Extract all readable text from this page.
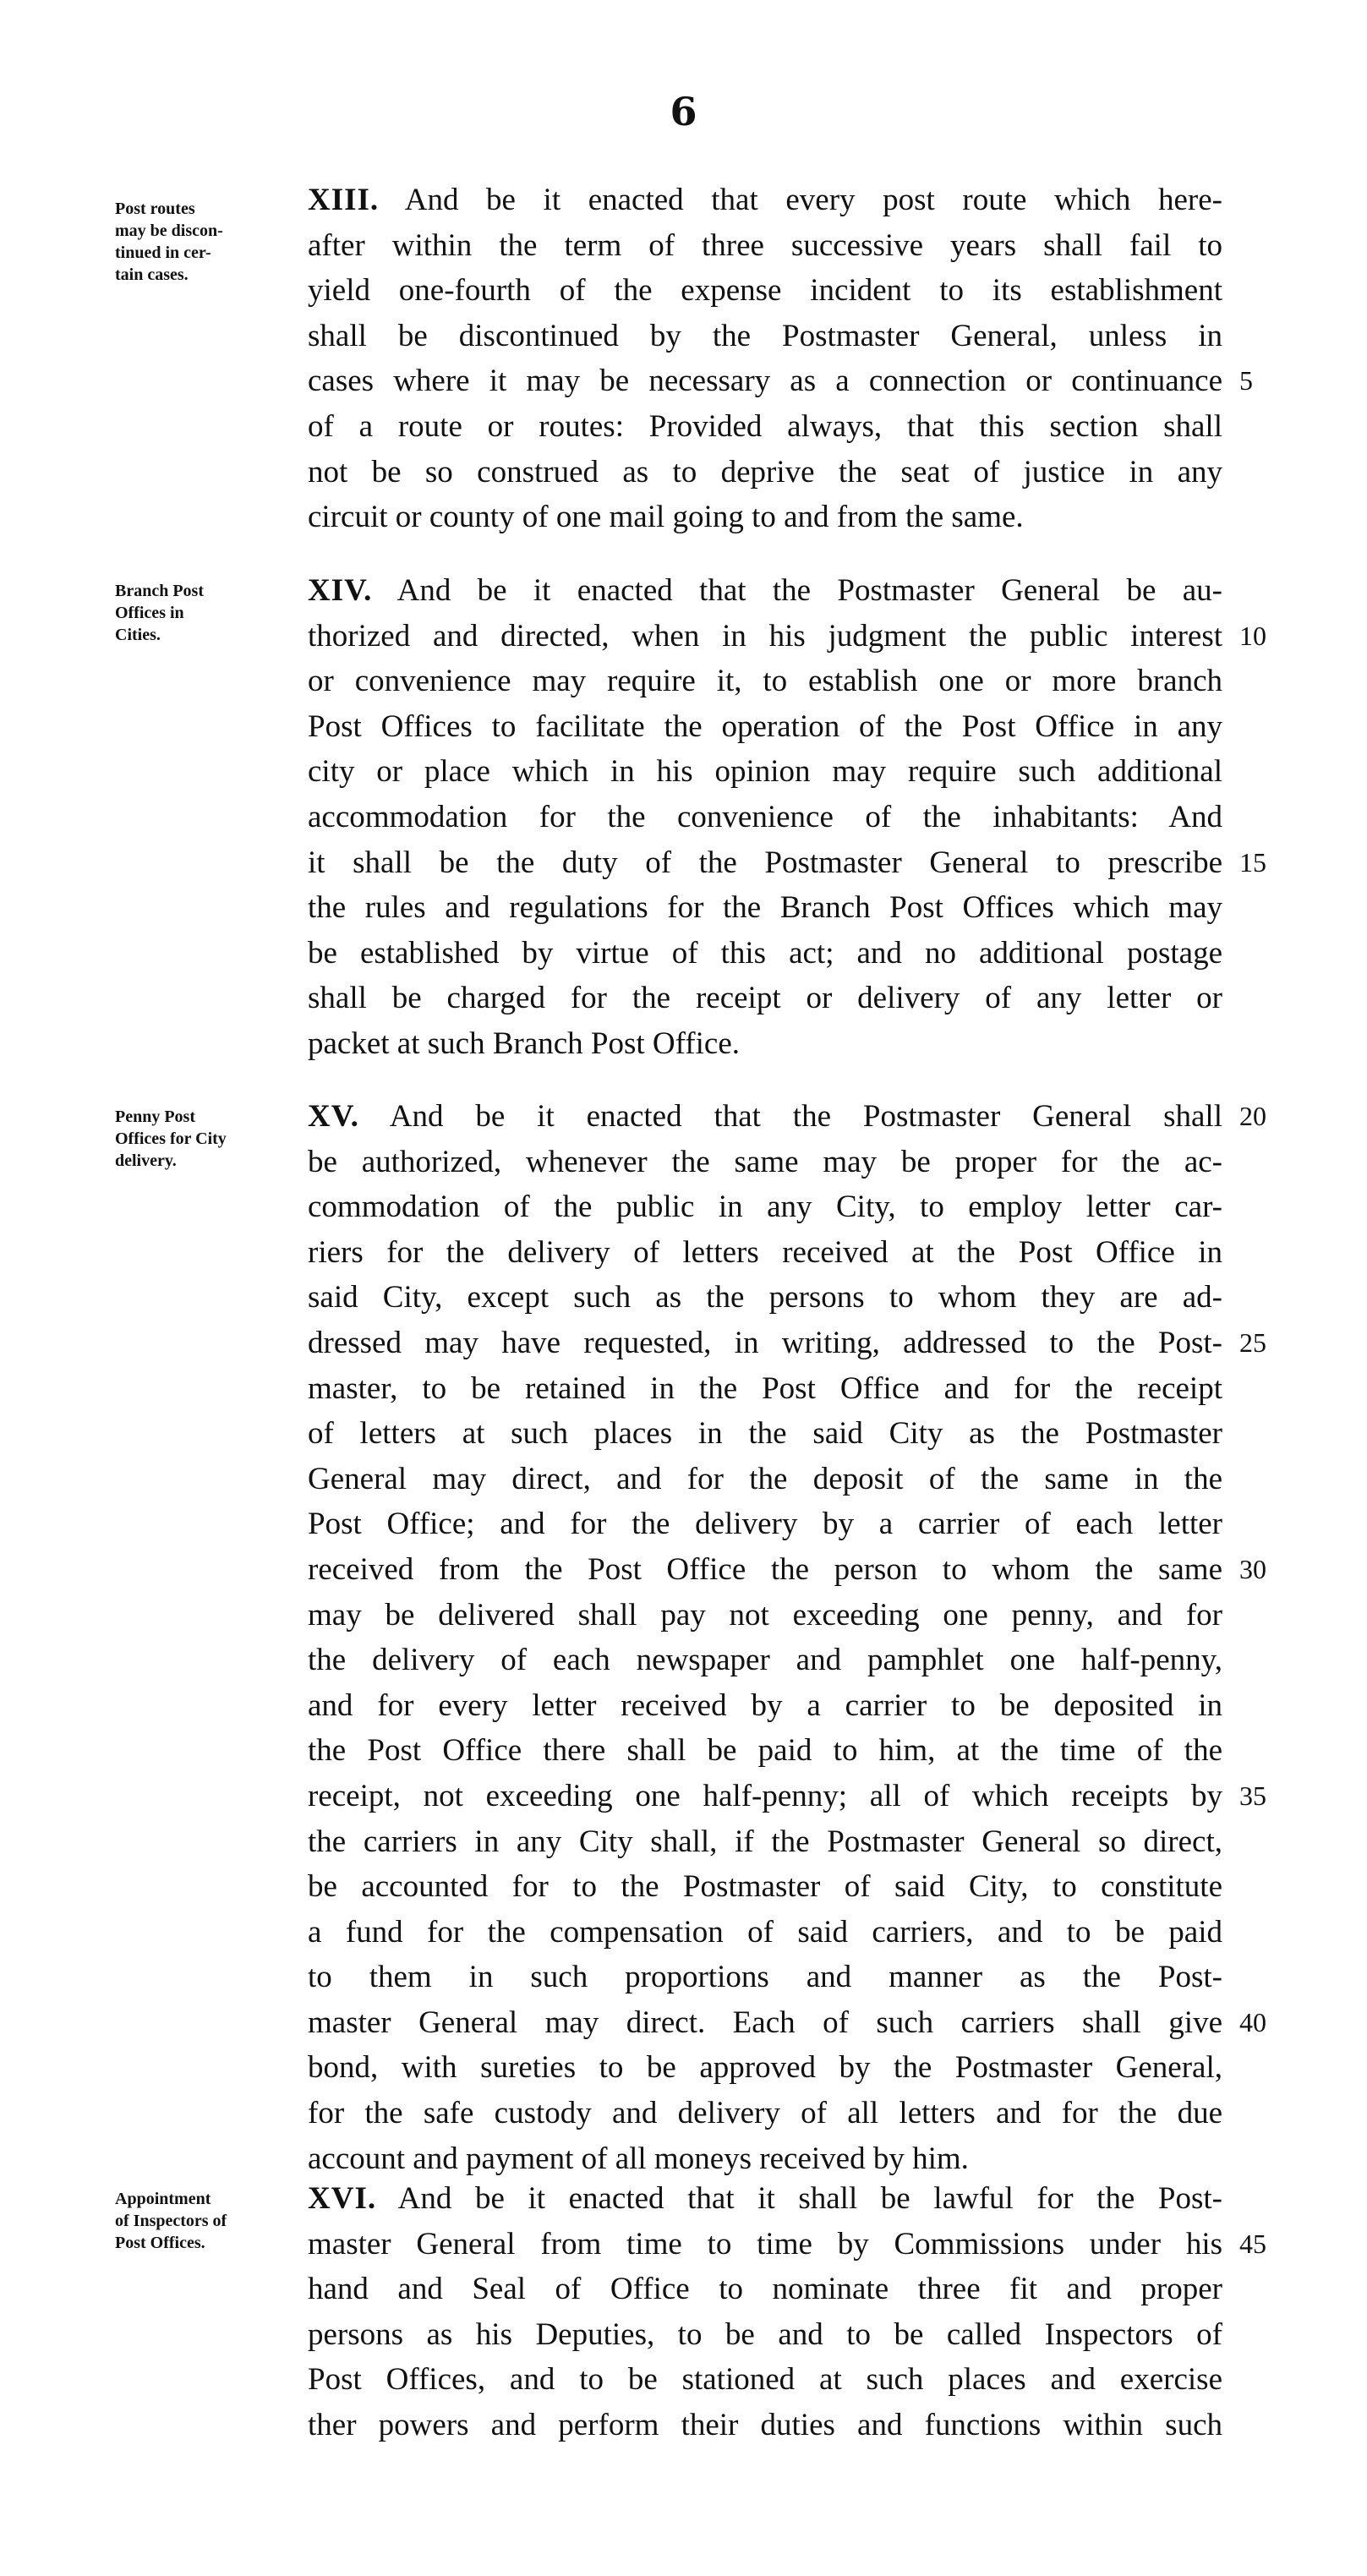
6
Post routes
may be discon-
tinued in cer-
tain cases.
XIII. And be it enacted that every post route which here-
after within the term of three successive years shall fail to
yield one-fourth of the expense incident to its establishment
shall be discontinued by the Postmaster General, unless in
cases where it may be necessary as a connection or continuance
of a route or routes: Provided always, that this section shall
not be so construed as to deprive the seat of justice in any
circuit or county of one mail going to and from the same.
5
Branch Post
Offices in
Cities.
XIV. And be it enacted that the Postmaster General be au-
thorized and directed, when in his judgment the public interest
or convenience may require it, to establish one or more branch
Post Offices to facilitate the operation of the Post Office in any
city or place which in his opinion may require such additional
accommodation for the convenience of the inhabitants: And
it shall be the duty of the Postmaster General to prescribe
the rules and regulations for the Branch Post Offices which may
be established by virtue of this act; and no additional postage
shall be charged for the receipt or delivery of any letter or
packet at such Branch Post Office.
10
15
Penny Post
Offices for City
delivery.
XV. And be it enacted that the Postmaster General shall
be authorized, whenever the same may be proper for the ac-
commodation of the public in any City, to employ letter car-
riers for the delivery of letters received at the Post Office in
said City, except such as the persons to whom they are ad-
dressed may have requested, in writing, addressed to the Post-
master, to be retained in the Post Office and for the receipt
of letters at such places in the said City as the Postmaster
General may direct, and for the deposit of the same in the
Post Office; and for the delivery by a carrier of each letter
received from the Post Office the person to whom the same
may be delivered shall pay not exceeding one penny, and for
the delivery of each newspaper and pamphlet one half-penny,
and for every letter received by a carrier to be deposited in
the Post Office there shall be paid to him, at the time of the
receipt, not exceeding one half-penny; all of which receipts by
the carriers in any City shall, if the Postmaster General so direct,
be accounted for to the Postmaster of said City, to constitute
a fund for the compensation of said carriers, and to be paid
to them in such proportions and manner as the Post-
master General may direct. Each of such carriers shall give
bond, with sureties to be approved by the Postmaster General,
for the safe custody and delivery of all letters and for the due
account and payment of all moneys received by him.
20
25
30
35
40
Appointment
of Inspectors of
Post Offices.
XVI. And be it enacted that it shall be lawful for the Post-
master General from time to time by Commissions under his
hand and Seal of Office to nominate three fit and proper
persons as his Deputies, to be and to be called Inspectors of
Post Offices, and to be stationed at such places and exercise
ther powers and perform their duties and functions within such
45
